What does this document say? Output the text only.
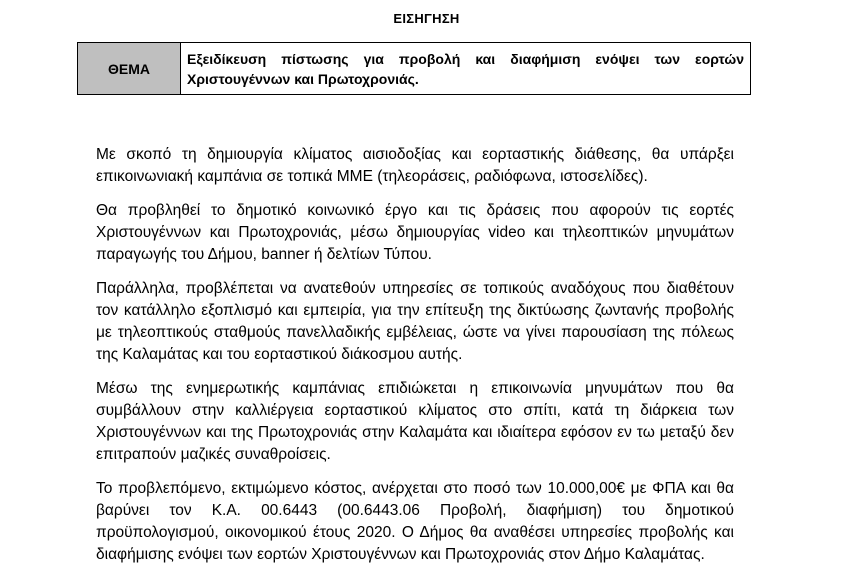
ΕΙΣΗΓΗΣΗ
ΘΕΜΑ
Εξειδίκευση πίστωσης για προβολή και διαφήμιση ενόψει των εορτών Χριστουγέννων και Πρωτοχρονιάς.

Με σκοπό τη δημιουργία κλίματος αισιοδοξίας και εορταστικής διάθεσης, θα υπάρξει επικοινωνιακή καμπάνια σε τοπικά ΜΜΕ (τηλεοράσεις, ραδιόφωνα, ιστοσελίδες).

Θα προβληθεί το δημοτικό κοινωνικό έργο και τις δράσεις που αφορούν τις εορτές Χριστουγέννων και Πρωτοχρονιάς, μέσω δημιουργίας video και τηλεοπτικών μηνυμάτων παραγωγής του Δήμου, banner ή δελτίων Τύπου.

Παράλληλα, προβλέπεται να ανατεθούν υπηρεσίες σε τοπικούς αναδόχους που διαθέτουν τον κατάλληλο εξοπλισμό και εμπειρία, για την επίτευξη της δικτύωσης ζωντανής προβολής με τηλεοπτικούς σταθμούς πανελλαδικής εμβέλειας, ώστε να γίνει παρουσίαση της πόλεως της Καλαμάτας και του εορταστικού διάκοσμου αυτής.

Μέσω της ενημερωτικής καμπάνιας επιδιώκεται η επικοινωνία μηνυμάτων που θα συμβάλλουν στην καλλιέργεια εορταστικού κλίματος στο σπίτι, κατά τη διάρκεια των Χριστουγέννων και της Πρωτοχρονιάς στην Καλαμάτα και ιδιαίτερα εφόσον εν τω μεταξύ δεν επιτραπούν μαζικές συναθροίσεις.

Το προβλεπόμενο, εκτιμώμενο κόστος, ανέρχεται στο ποσό των 10.000,00€ με ΦΠΑ και θα βαρύνει τον Κ.Α. 00.6443 (00.6443.06 Προβολή, διαφήμιση) του δημοτικού προϋπολογισμού, οικονομικού έτους 2020. Ο Δήμος θα αναθέσει υπηρεσίες προβολής και διαφήμισης ενόψει των εορτών Χριστουγέννων και Πρωτοχρονιάς στον Δήμο Καλαμάτας.
